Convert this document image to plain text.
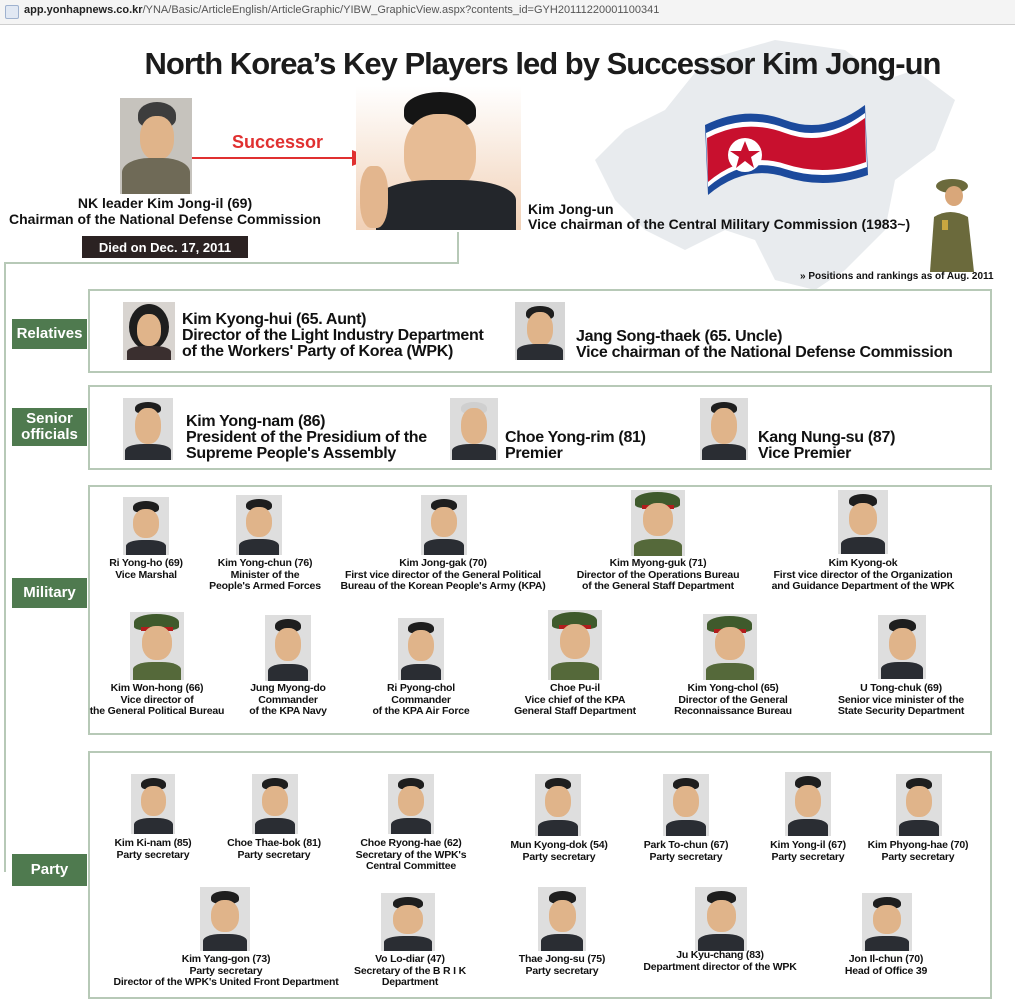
app.yonhapnews.co.kr/YNA/Basic/ArticleEnglish/ArticleGraphic/YIBW_GraphicView.aspx?contents_id=GYH20111220001100341
North Korea’s Key Players led by Successor Kim Jong-un
Successor
NK leader Kim Jong-il (69)
Chairman of the National Defense Commission
Died on Dec. 17, 2011
Kim Jong-un
Vice chairman of the Central Military Commission (1983~)
» Positions and rankings as of Aug. 2011
Relatives
Kim Kyong-hui (65. Aunt)
Director of the Light Industry Department
of the Workers' Party of Korea (WPK)
Jang Song-thaek (65. Uncle)
Vice chairman of the National Defense Commission
Senior officials
Kim Yong-nam (86)
President of the Presidium of the
Supreme People's Assembly
Choe Yong-rim (81)
Premier
Kang Nung-su (87)
Vice Premier
Military
Ri Yong-ho (69)
Vice Marshal
Kim Yong-chun (76)
Minister of the
People's Armed Forces
Kim Jong-gak (70)
First vice director of the General Political
Bureau of the Korean People's Army (KPA)
Kim Myong-guk (71)
Director of the Operations Bureau
of the General Staff Department
Kim Kyong-ok
First vice director of the Organization
and Guidance Department of the WPK
Kim Won-hong (66)
Vice director of
the General Political Bureau
Jung Myong-do
Commander
of the KPA Navy
Ri Pyong-chol
Commander
of the KPA Air Force
Choe Pu-il
Vice chief of the KPA
General Staff Department
Kim Yong-chol (65)
Director of the General
Reconnaissance Bureau
U Tong-chuk (69)
Senior vice minister of the
State Security Department
Party
Kim Ki-nam (85)
Party secretary
Choe Thae-bok (81)
Party secretary
Choe Ryong-hae (62)
Secretary of the WPK's
Central Committee
Mun Kyong-dok (54)
Party secretary
Park To-chun (67)
Party secretary
Kim Yong-il (67)
Party secretary
Kim Phyong-hae (70)
Party secretary
Kim Yang-gon (73)
Party secretary
Director of the WPK's United Front Department
Vo Lo-diar (47)
Secretary of the B R I K
Department
Thae Jong-su (75)
Party secretary
Ju Kyu-chang (83)
Department director of the WPK
Jon Il-chun (70)
Head of Office 39
